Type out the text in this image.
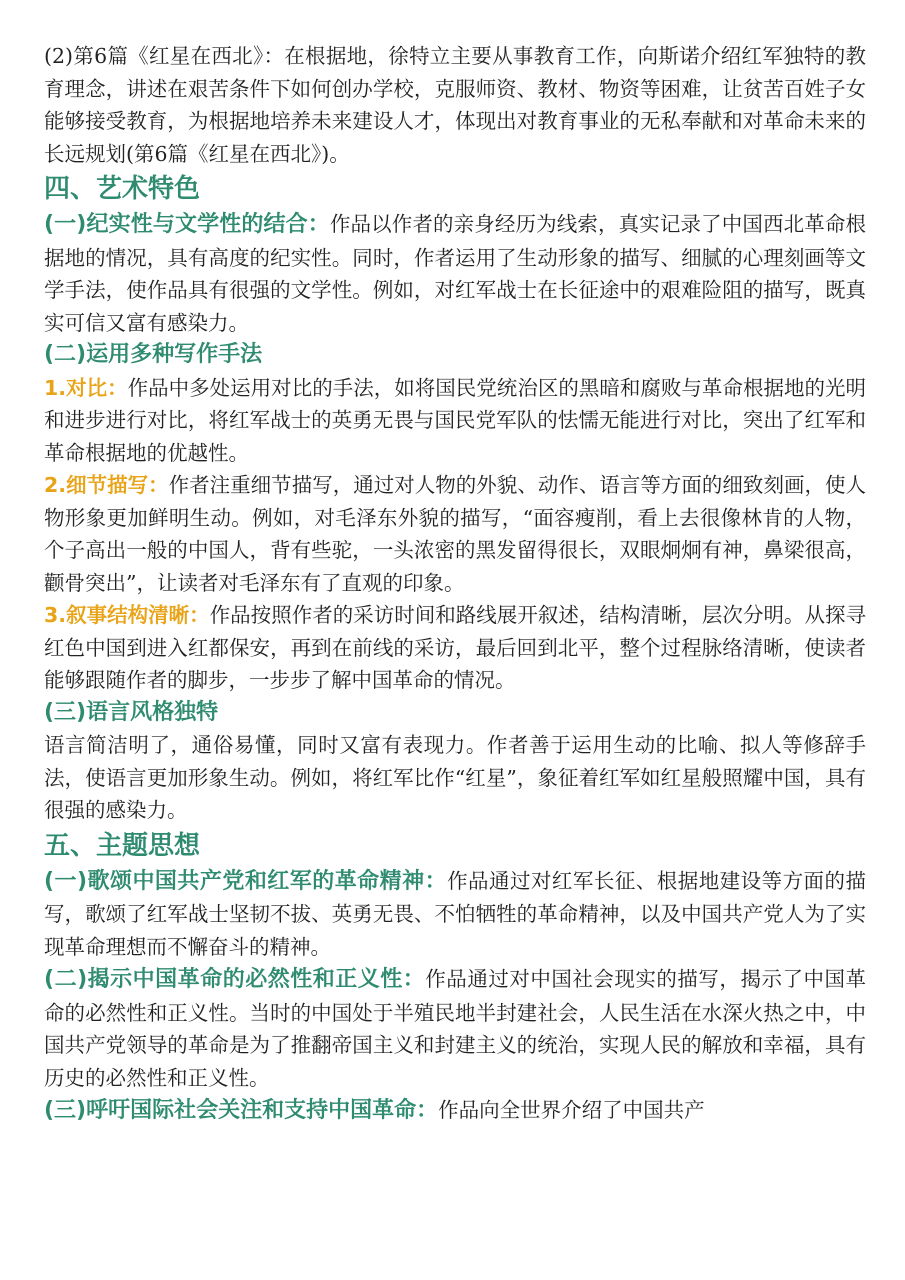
(2)第6篇《红星在西北》：在根据地，徐特立主要从事教育工作，向斯诺介绍红军独特的教育理念，讲述在艰苦条件下如何创办学校，克服师资、教材、物资等困难，让贫苦百姓子女能够接受教育，为根据地培养未来建设人才，体现出对教育事业的无私奉献和对革命未来的长远规划(第6篇《红星在西北》)。

四、艺术特色

(一)纪实性与文学性的结合：作品以作者的亲身经历为线索，真实记录了中国西北革命根据地的情况，具有高度的纪实性。同时，作者运用了生动形象的描写、细腻的心理刻画等文学手法，使作品具有很强的文学性。例如，对红军战士在长征途中的艰难险阻的描写，既真实可信又富有感染力。

(二)运用多种写作手法

1.对比：作品中多处运用对比的手法，如将国民党统治区的黑暗和腐败与革命根据地的光明和进步进行对比，将红军战士的英勇无畏与国民党军队的怯懦无能进行对比，突出了红军和革命根据地的优越性。

2.细节描写：作者注重细节描写，通过对人物的外貌、动作、语言等方面的细致刻画，使人物形象更加鲜明生动。例如，对毛泽东外貌的描写，“面容瘦削，看上去很像林肯的人物，个子高出一般的中国人，背有些驼，一头浓密的黑发留得很长，双眼炯炯有神，鼻梁很高，颧骨突出”，让读者对毛泽东有了直观的印象。

3.叙事结构清晰：作品按照作者的采访时间和路线展开叙述，结构清晰，层次分明。从探寻红色中国到进入红都保安，再到在前线的采访，最后回到北平，整个过程脉络清晰，使读者能够跟随作者的脚步，一步步了解中国革命的情况。

(三)语言风格独特

语言简洁明了，通俗易懂，同时又富有表现力。作者善于运用生动的比喻、拟人等修辞手法，使语言更加形象生动。例如，将红军比作“红星”，象征着红军如红星般照耀中国，具有很强的感染力。

五、主题思想

(一)歌颂中国共产党和红军的革命精神：作品通过对红军长征、根据地建设等方面的描写，歌颂了红军战士坚韧不拔、英勇无畏、不怕牺牲的革命精神，以及中国共产党人为了实现革命理想而不懈奋斗的精神。

(二)揭示中国革命的必然性和正义性：作品通过对中国社会现实的描写，揭示了中国革命的必然性和正义性。当时的中国处于半殖民地半封建社会，人民生活在水深火热之中，中国共产党领导的革命是为了推翻帝国主义和封建主义的统治，实现人民的解放和幸福，具有历史的必然性和正义性。

(三)呼吁国际社会关注和支持中国革命：作品向全世界介绍了中国共产
